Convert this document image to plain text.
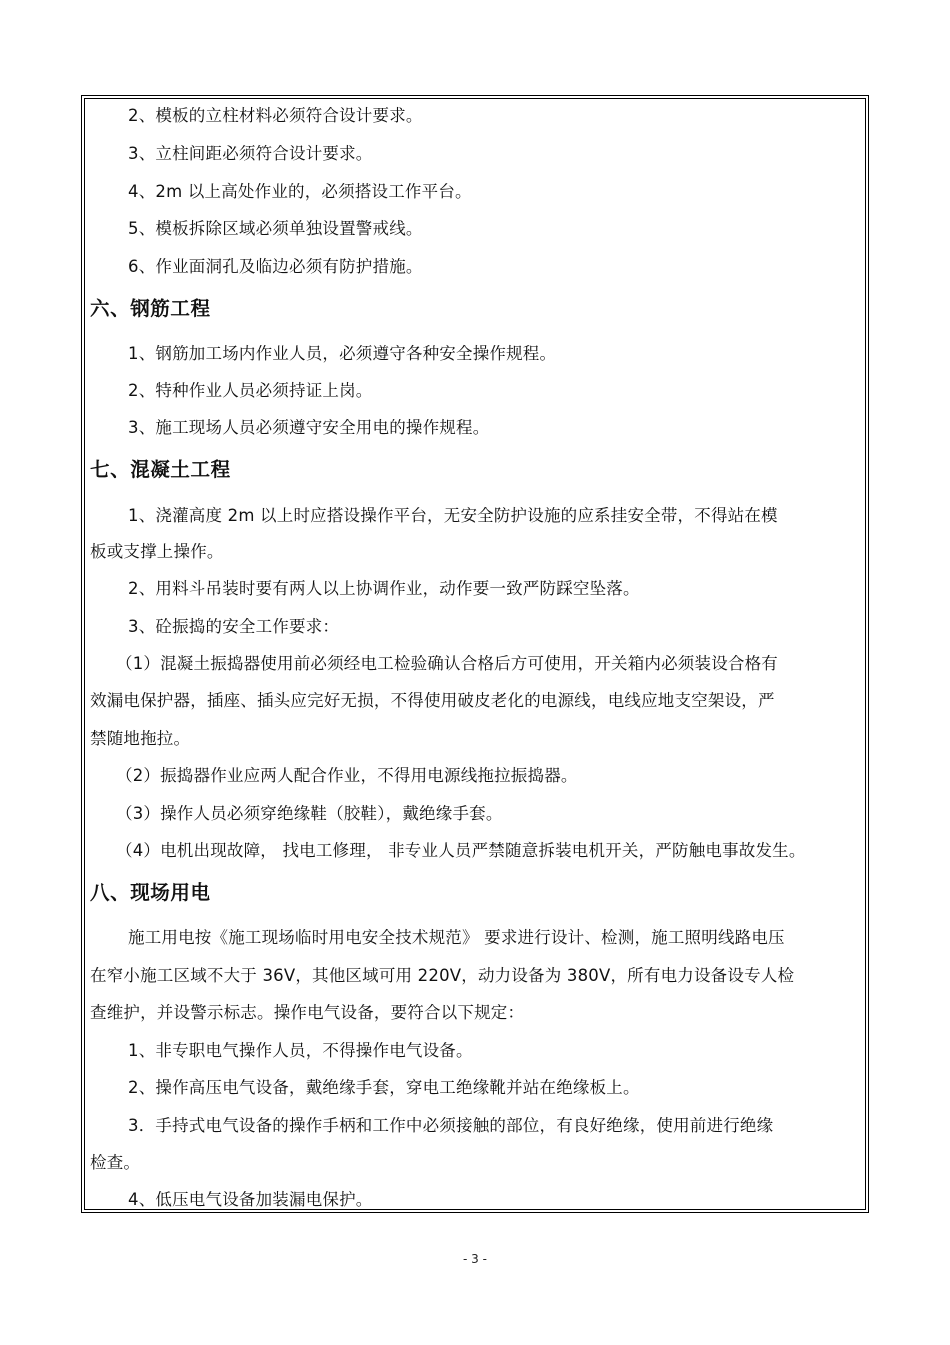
2、模板的立柱材料必须符合设计要求。

3、立柱间距必须符合设计要求。

4、2m 以上高处作业的，必须搭设工作平台。

5、模板拆除区域必须单独设置警戒线。

6、作业面洞孔及临边必须有防护措施。

六、钢筋工程

1、钢筋加工场内作业人员，必须遵守各种安全操作规程。

2、特种作业人员必须持证上岗。

3、施工现场人员必须遵守安全用电的操作规程。

七、混凝土工程

1、浇灌高度 2m 以上时应搭设操作平台，无安全防护设施的应系挂安全带，不得站在模

板或支撑上操作。

2、用料斗吊装时要有两人以上协调作业，动作要一致严防踩空坠落。

3、砼振捣的安全工作要求：

（1）混凝土振捣器使用前必须经电工检验确认合格后方可使用，开关箱内必须装设合格有

效漏电保护器，插座、插头应完好无损，不得使用破皮老化的电源线，电线应地支空架设，严

禁随地拖拉。

（2）振捣器作业应两人配合作业，不得用电源线拖拉振捣器。

（3）操作人员必须穿绝缘鞋（胶鞋），戴绝缘手套。

（4）电机出现故障， 找电工修理， 非专业人员严禁随意拆装电机开关，严防触电事故发生。

八、现场用电

施工用电按《施工现场临时用电安全技术规范》 要求进行设计、检测，施工照明线路电压

在窄小施工区域不大于 36V，其他区域可用 220V，动力设备为 380V，所有电力设备设专人检

查维护，并设警示标志。操作电气设备，要符合以下规定：

1、非专职电气操作人员，不得操作电气设备。

2、操作高压电气设备，戴绝缘手套，穿电工绝缘靴并站在绝缘板上。

3．手持式电气设备的操作手柄和工作中必须接触的部位，有良好绝缘，使用前进行绝缘

检查。

4、低压电气设备加装漏电保护。

- 3 -
